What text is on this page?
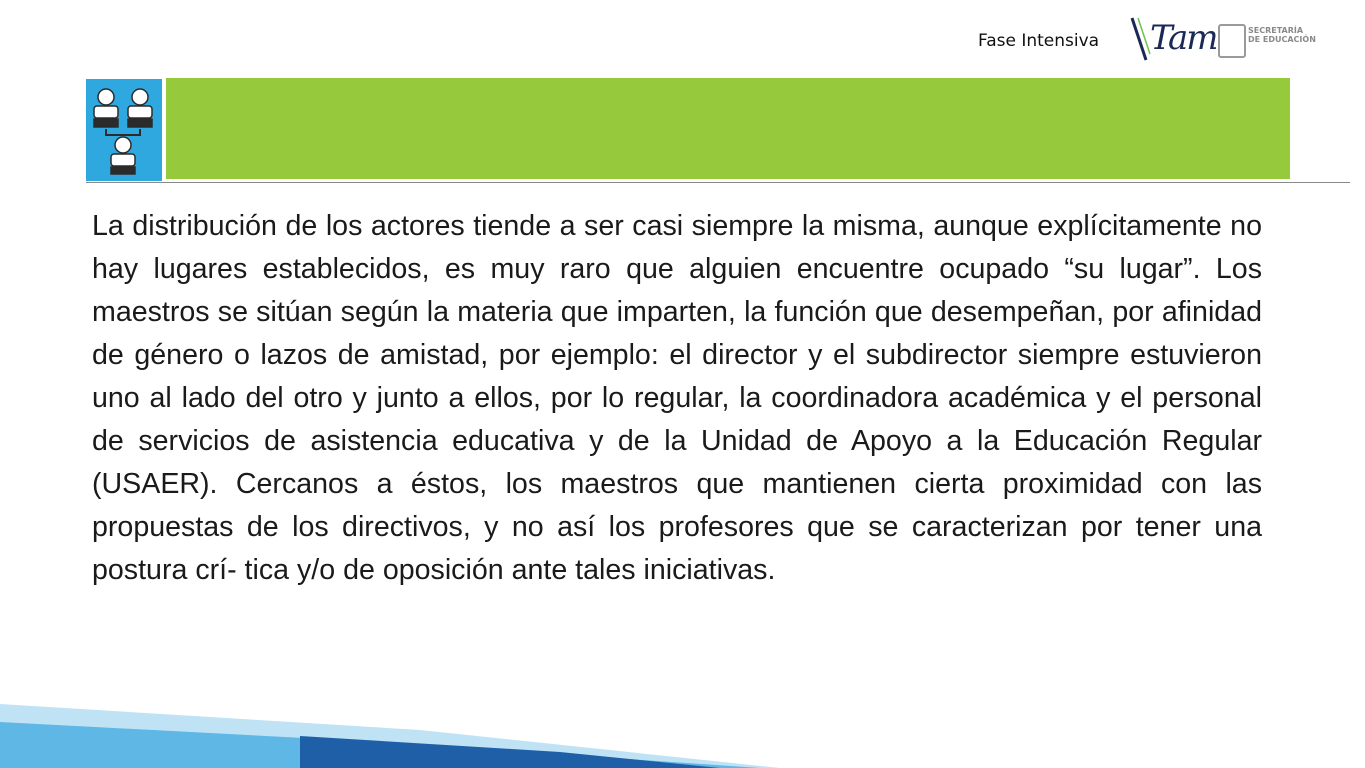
Fase Intensiva Tam	SECRETARÍA
DE EDUCACIÓN

La distribución de los actores tiende a ser casi siempre la misma, aunque explícitamente no hay lugares establecidos, es muy raro que alguien encuentre ocupado “su lugar”. Los maestros se sitúan según la materia que imparten, la función que desempeñan, por afinidad de género o lazos de amistad, por ejemplo: el director y el subdirector siempre estuvieron uno al lado del otro y junto a ellos, por lo regular, la coordinadora académica y el personal de servicios de asistencia educativa y de la Unidad de Apoyo a la Educación Regular (USAER). Cercanos a éstos, los maestros que mantienen cierta proximidad con las propuestas de los directivos, y no así los profesores que se caracterizan por tener una postura crí- tica y/o de oposición ante tales iniciativas.
